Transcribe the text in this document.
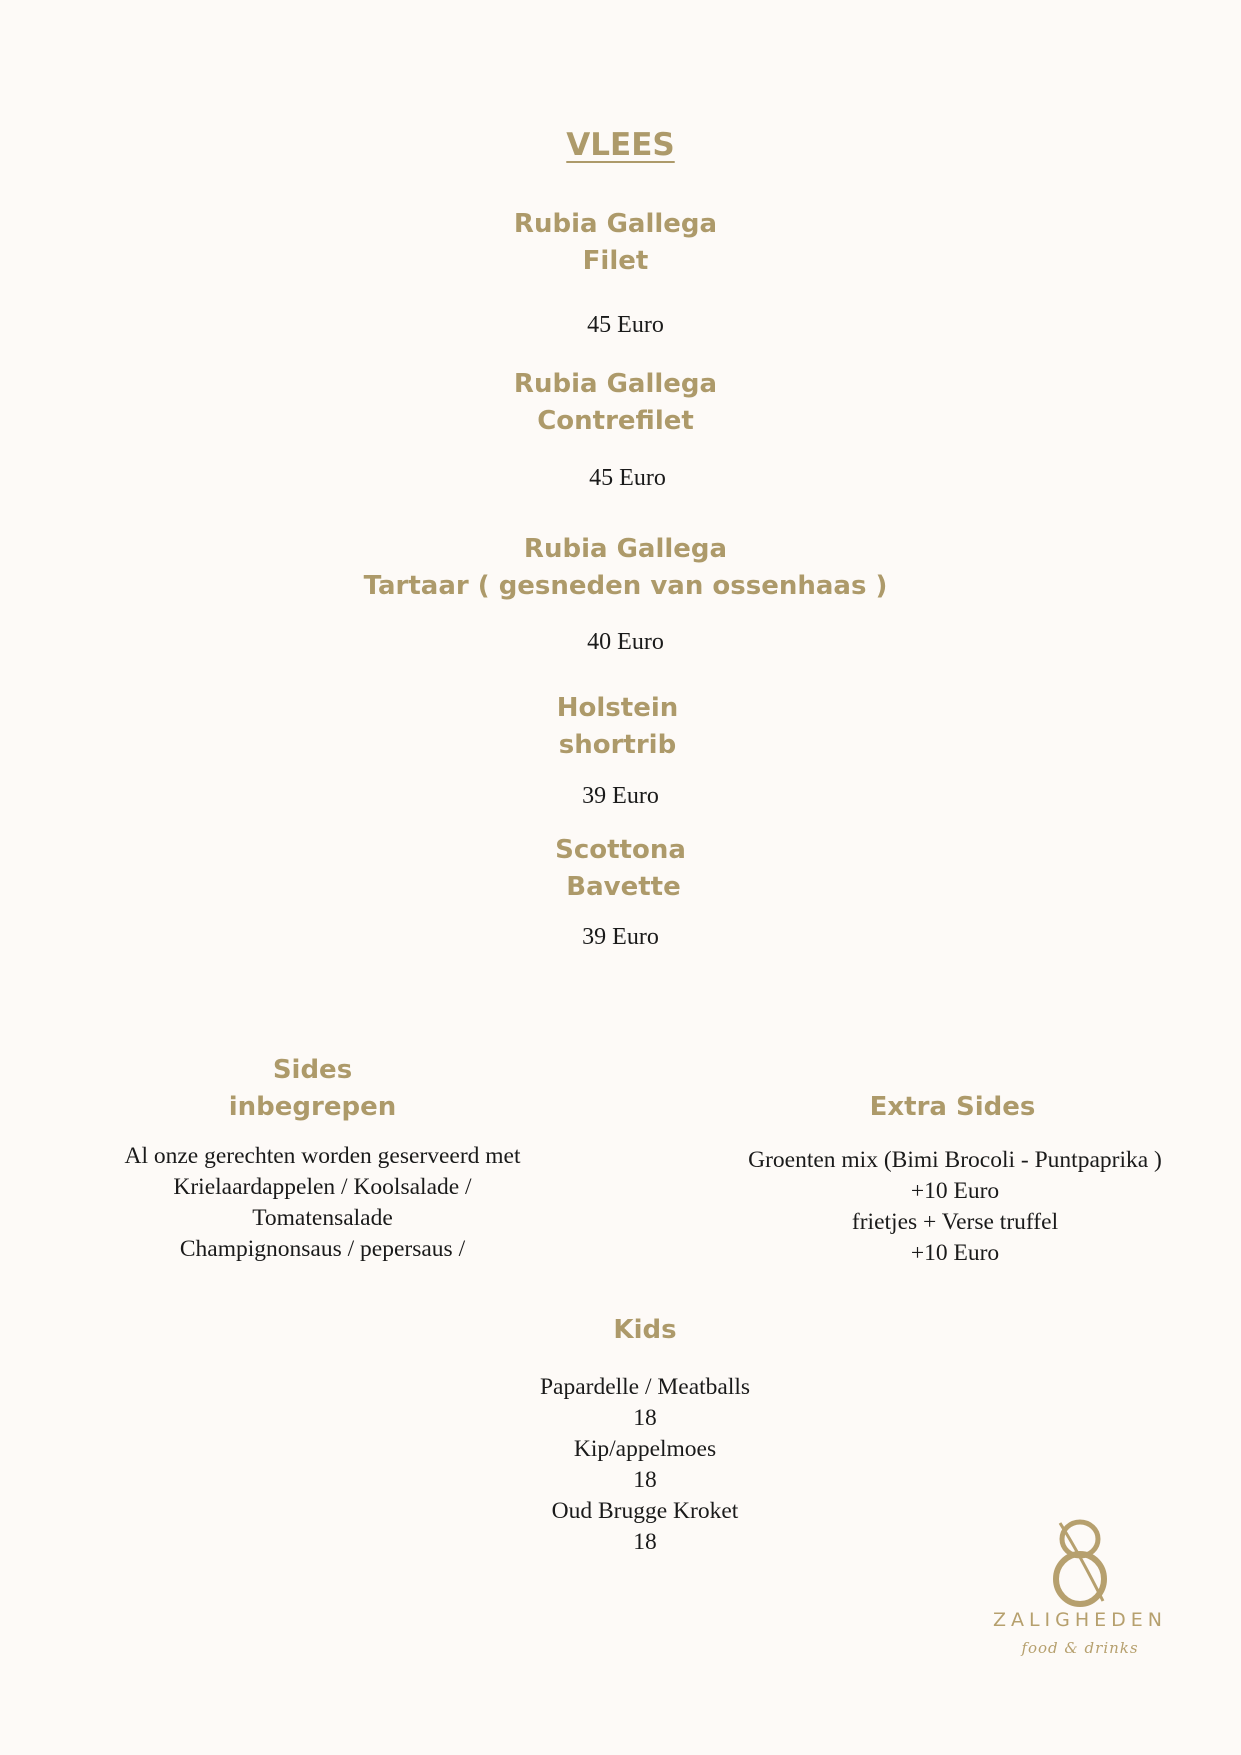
VLEES
Rubia Gallega
Filet
45 Euro
Rubia Gallega
Contrefilet
45 Euro
Rubia Gallega
Tartaar ( gesneden van ossenhaas )
40 Euro
Holstein
shortrib
39 Euro
Scottona
Bavette
39 Euro
Sides
inbegrepen
Al onze gerechten worden geserveerd met
Krielaardappelen / Koolsalade /
Tomatensalade
Champignonsaus / pepersaus /
Extra Sides
Groenten mix (Bimi Brocoli - Puntpaprika )
+10 Euro
frietjes + Verse truffel
+10 Euro
Kids
Papardelle / Meatballs
18
Kip/appelmoes
18
Oud Brugge Kroket
18
ZALIGHEDEN
food & drinks
